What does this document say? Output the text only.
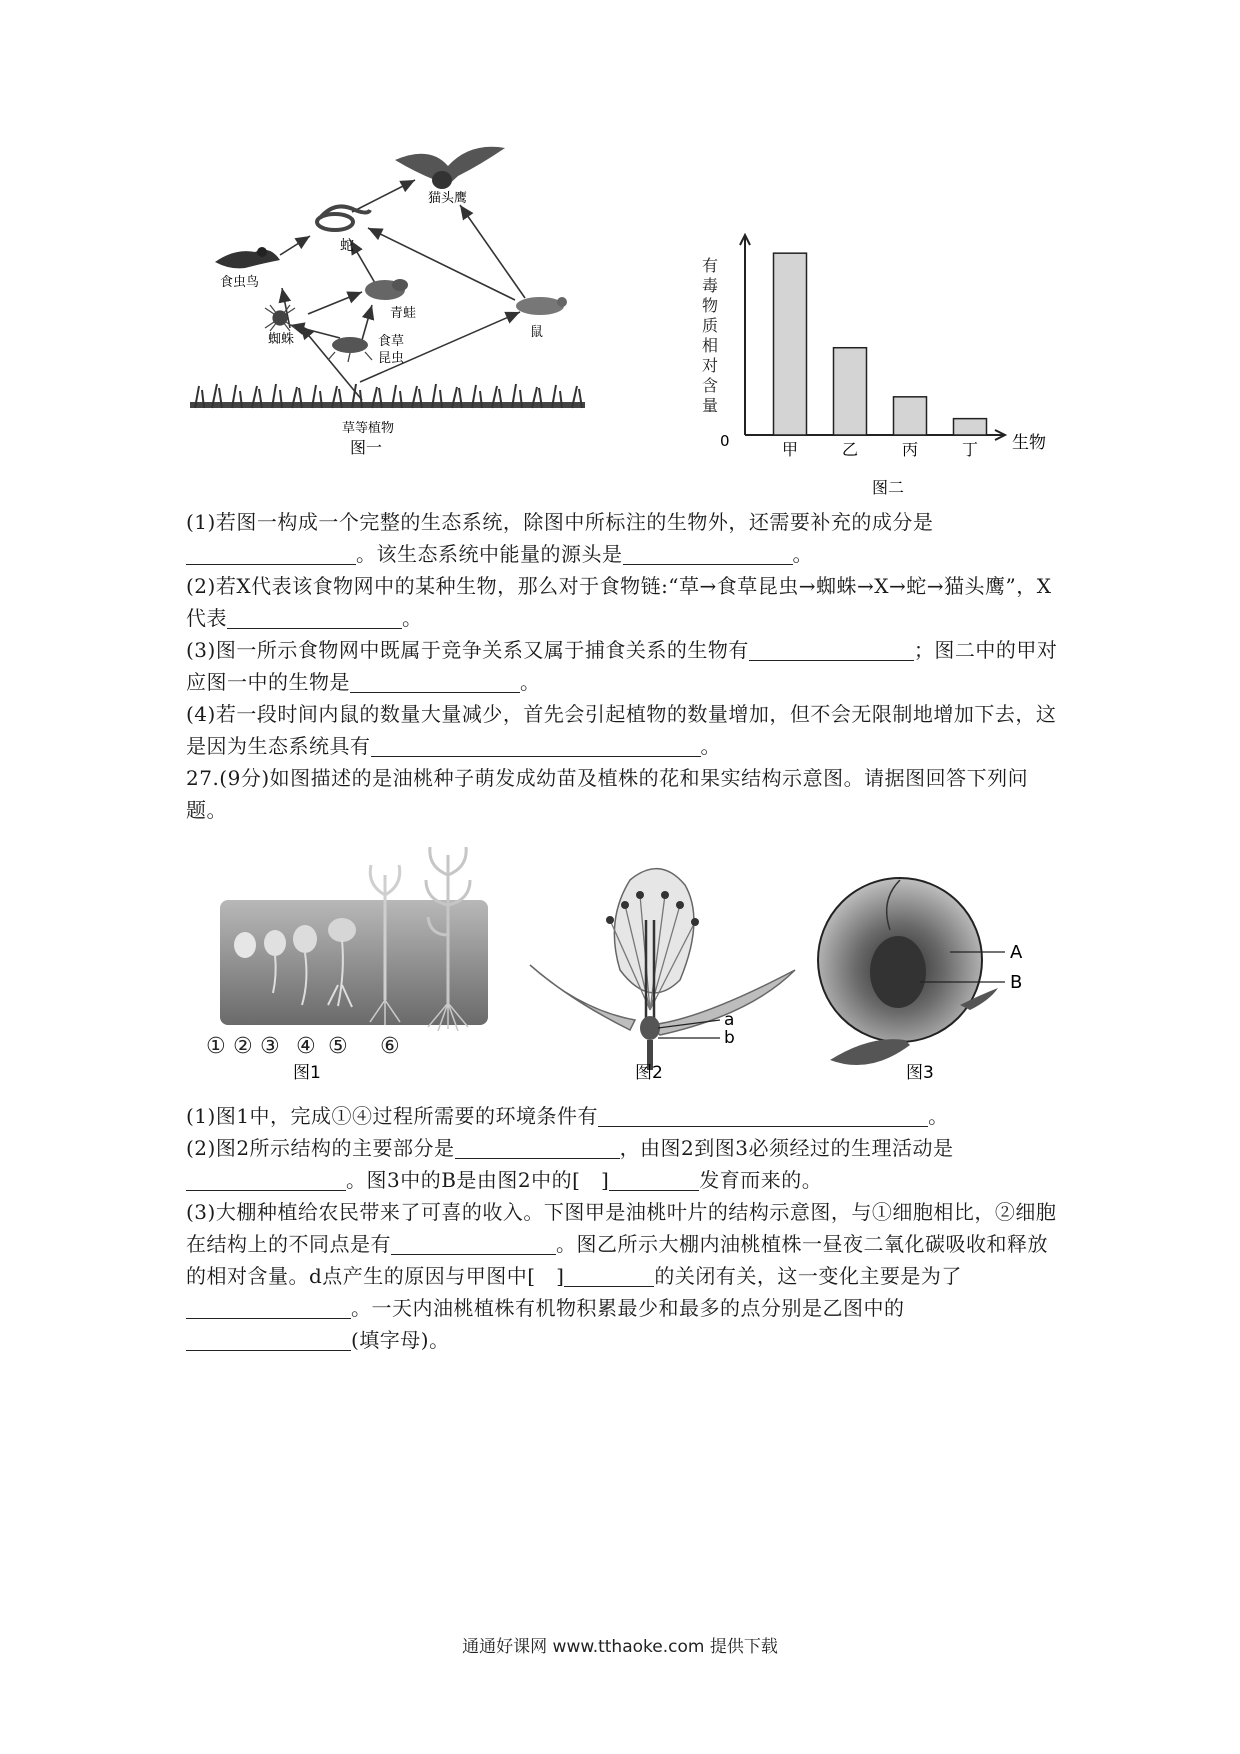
猫头鹰
蛇
食虫鸟
青蛙
蜘蛛	食草昆虫
鼠
草等植物
图一
有毒物质相对含量
甲	乙	丙	丁
0	生物
图二

(1)若图一构成一个完整的生态系统，除图中所标注的生物外，还需要补充的成分是。该生态系统中能量的源头是	。

(2)若X代表该食物网中的某种生物，那么对于食物链:“草→食草昆虫→蜘蛛→X→蛇→猫头鹰”，X代表	。

(3)图一所示食物网中既属于竞争关系又属于捕食关系的生物有	；图二中的甲对应图一中的生物是	。

(4)若一段时间内鼠的数量大量减少，首先会引起植物的数量增加，但不会无限制地增加下去，这是因为生态系统具有	。

27.(9分)如图描述的是油桃种子萌发成幼苗及植株的花和果实结构示意图。请据图回答下列问题。

① ② ③ ④ ⑤ ⑥
图1
a
b
图2
A
B
图3

(1)图1中，完成①④过程所需要的环境条件有	。

(2)图2所示结构的主要部分是	，由图2到图3必须经过的生理活动是。图3中的B是由图2中的[　]	发育而来的。

(3)大棚种植给农民带来了可喜的收入。下图甲是油桃叶片的结构示意图，与①细胞相比，②细胞在结构上的不同点是有	。图乙所示大棚内油桃植株一昼夜二氧化碳吸收和释放的相对含量。d点产生的原因与甲图中[　]	的关闭有关，这一变化主要是为了。一天内油桃植株有机物积累最少和最多的点分别是乙图中的(填字母)。

通通好课网 www.tthaoke.com 提供下载
